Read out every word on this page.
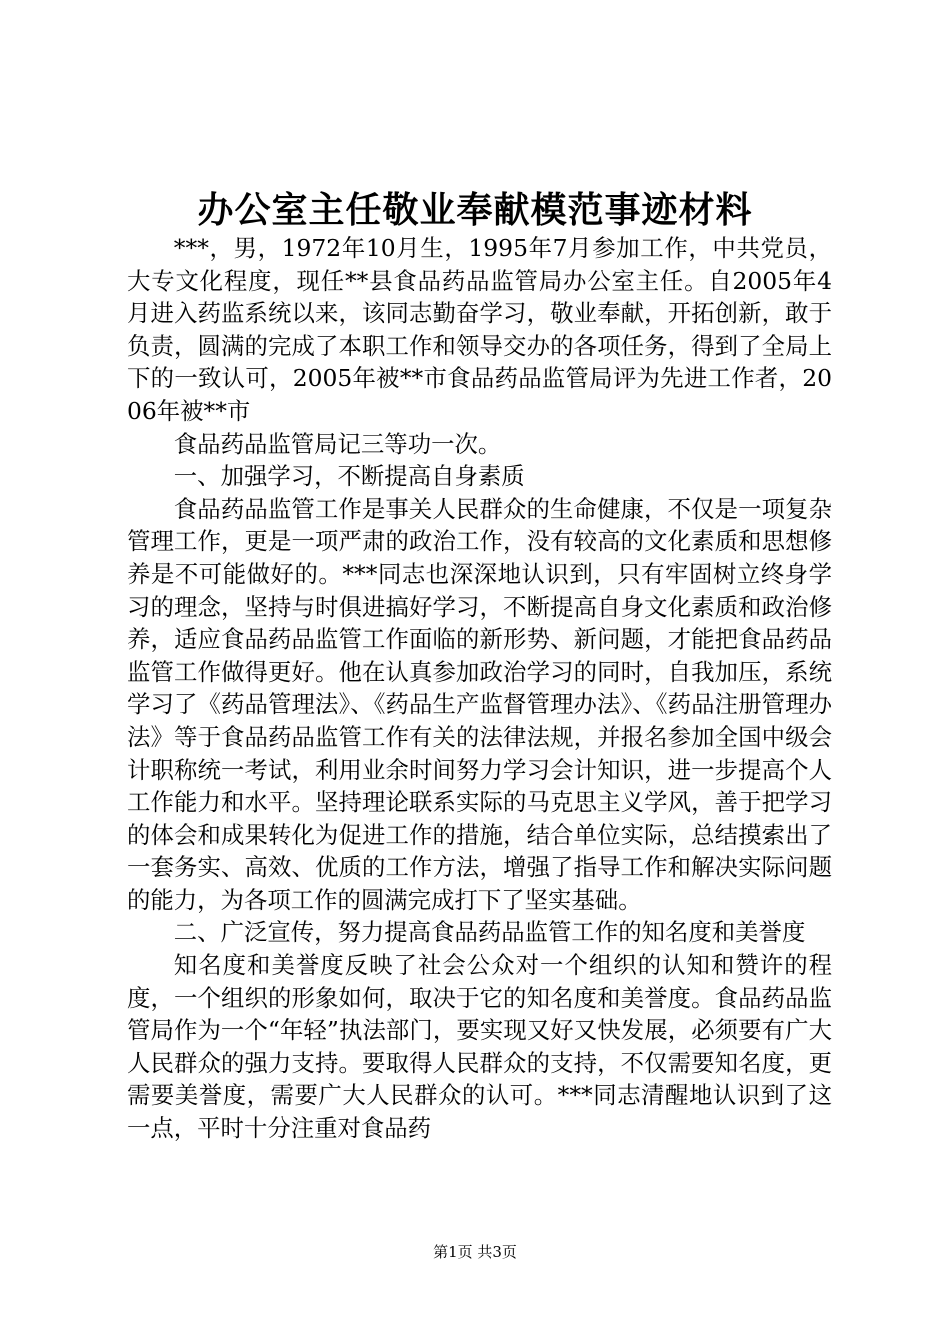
办公室主任敬业奉献模范事迹材料

***，男，1972年10月生，1995年7月参加工作，中共党员，大专文化程度，现任**县食品药品监管局办公室主任。自2005年4月进入药监系统以来，该同志勤奋学习，敬业奉献，开拓创新，敢于负责，圆满的完成了本职工作和领导交办的各项任务，得到了全局上下的一致认可，2005年被**市食品药品监管局评为先进工作者，2006年被**市

食品药品监管局记三等功一次。

一、加强学习，不断提高自身素质

食品药品监管工作是事关人民群众的生命健康，不仅是一项复杂管理工作，更是一项严肃的政治工作，没有较高的文化素质和思想修养是不可能做好的。***同志也深深地认识到，只有牢固树立终身学习的理念，坚持与时俱进搞好学习，不断提高自身文化素质和政治修养，适应食品药品监管工作面临的新形势、新问题，才能把食品药品监管工作做得更好。他在认真参加政治学习的同时，自我加压，系统学习了《药品管理法》、《药品生产监督管理办法》、《药品注册管理办法》等于食品药品监管工作有关的法律法规，并报名参加全国中级会计职称统一考试，利用业余时间努力学习会计知识，进一步提高个人工作能力和水平。坚持理论联系实际的马克思主义学风，善于把学习的体会和成果转化为促进工作的措施，结合单位实际，总结摸索出了一套务实、高效、优质的工作方法，增强了指导工作和解决实际问题的能力，为各项工作的圆满完成打下了坚实基础。

二、广泛宣传，努力提高食品药品监管工作的知名度和美誉度

知名度和美誉度反映了社会公众对一个组织的认知和赞许的程度，一个组织的形象如何，取决于它的知名度和美誉度。食品药品监管局作为一个“年轻”执法部门，要实现又好又快发展，必须要有广大人民群众的强力支持。要取得人民群众的支持，不仅需要知名度，更需要美誉度，需要广大人民群众的认可。***同志清醒地认识到了这一点，平时十分注重对食品药

第1页 共3页
